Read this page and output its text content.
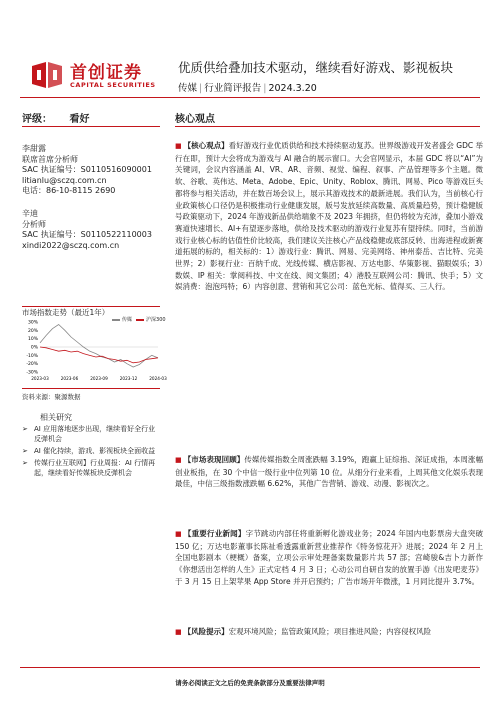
首创证券
CAPITAL SECURITIES
优质供给叠加技术驱动，继续看好游戏、影视板块
传媒 | 行业简评报告 | 2024.3.20
评级： 看好
李甜露
联席首席分析师
SAC 执证编号：S0110516090001
litianlu@sczq.com.cn
电话：86-10-8115 2690
辛迪
分析师
SAC 执证编号：S0110522110003
xindi2022@sczq.com.cn
市场指数走势（最近1年）
传媒	沪深300
30%
20%
10%
0%
-10%
-20%
-30%
2023-03	2023-06	2023-09	2023-12	2024-03
资料来源：聚源数据
相关研究
➢ AI 应用落地逐步出现，继续看好全行业反弹机会
➢ AI 催化持续，游戏、影视板块全面收益
➢ 传媒行业互联网】行业周报：AI 行情再起，继续看好传媒板块反弹机会
核心观点
■ 【核心观点】看好游戏行业优质供给和技术持续驱动复苏。世界级游戏开发者盛会 GDC 举行在即，预计大会将成为游戏与 AI 融合的展示窗口。大会官网显示，本届 GDC 将以“AI”为关键词，会议内容涵盖 AI、VR、AR、音频、视觉、编程、叙事、产品管理等多个主题。微软、谷歌、英伟达、Meta、Adobe、Epic、Unity、Roblox、腾讯、网易、Pico 等游戏巨头都将参与相关活动，并在数百场会议上，展示其游戏技术的最新进展。我们认为，当前核心行业政策核心口径仍是积极推动行业健康发展，版号发放延续高数量、高质量趋势，预计稳健版号政策驱动下，2024 年游戏新品供给端象不及 2023 年拥挤，但仍将较为充沛，叠加小游戏赛道快速增长、AI+有望逐步落地，供给及技术驱动的游戏行业复苏有望持续。同时，当前游戏行业核心标的估值性价比较高，我们建议关注核心产品线稳健或底部反转、出海进程或新赛道拓展的标的，相关标的：1）游戏行业：腾讯、网易、完美网络、神州泰岳、吉比特、完美世界；2）影视行业：百纳千成、光线传媒、横店影视、万达电影、华策影视、猫眼娱乐；3）数娱、IP 相关：掌阅科技、中文在线、阅文集团；4）港股互联网公司：腾讯、快手；5）文娱消费：泡泡玛特；6）内容创意、营销和其它公司：蓝色光标、值得买、三人行。
■ 【市场表现回顾】传媒传媒指数全周涨跌幅 3.19%，跑赢上证综指、深证成指，本周涨幅创业板指，在 30 个中信一级行业中位列第 10 位。从细分行业来看，上周其他文化娱乐表现最佳，中信三级指数涨跌幅 6.62%，其他广告营销、游戏、动漫、影视次之。
■ 【重要行业新闻】字节跳动内部任将重新孵化游戏业务；2024 年国内电影票房大盘突破 150 亿；万达电影董事长陈祉希透露重新营业推荐作《特务惊花开》进展；2024 年 2 月上全国电影剧本（梗概）备案，立项公示审处理备案数量影片共 57 部；宫崎骏&吉卜力新作《你想活出怎样的人生》正式定档 4 月 3 日；心动公司自研自发的放置手游《出发吧麦芬》于 3 月 15 日上架苹果 App Store 并开启预约；广告市场开年微涨，1 月同比提升 3.7%。
■ 【风险提示】宏观环境风险；监管政策风险；项目推进风险；内容侵权风险
请务必阅读正文之后的免责条款部分及重要法律声明
